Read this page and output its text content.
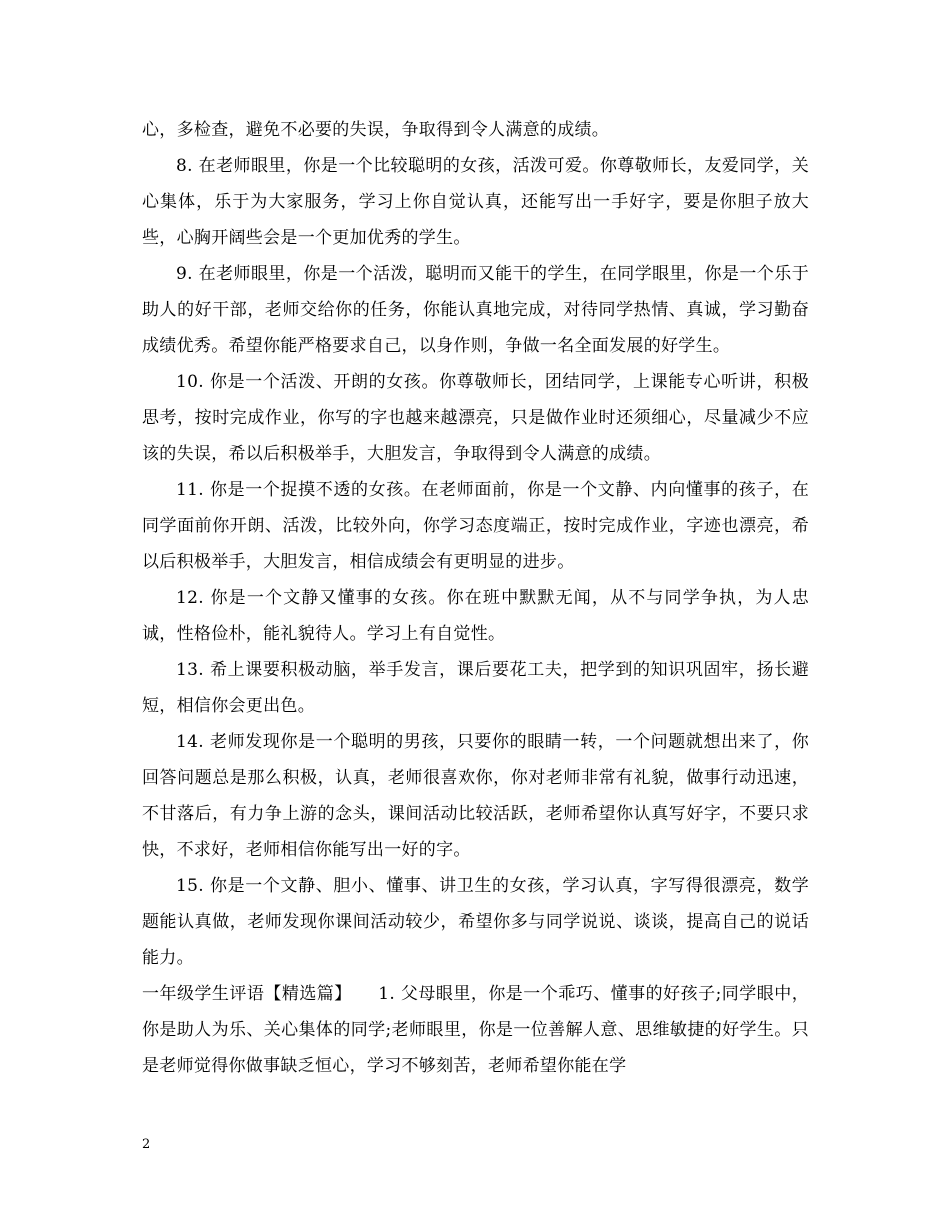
心，多检查，避免不必要的失误，争取得到令人满意的成绩。

8. 在老师眼里，你是一个比较聪明的女孩，活泼可爱。你尊敬师长，友爱同学，关心集体，乐于为大家服务，学习上你自觉认真，还能写出一手好字，要是你胆子放大些，心胸开阔些会是一个更加优秀的学生。

9. 在老师眼里，你是一个活泼，聪明而又能干的学生，在同学眼里，你是一个乐于助人的好干部，老师交给你的任务，你能认真地完成，对待同学热情、真诚，学习勤奋成绩优秀。希望你能严格要求自己，以身作则，争做一名全面发展的好学生。

10. 你是一个活泼、开朗的女孩。你尊敬师长，团结同学，上课能专心听讲，积极思考，按时完成作业，你写的字也越来越漂亮，只是做作业时还须细心，尽量减少不应该的失误，希以后积极举手，大胆发言，争取得到令人满意的成绩。

11. 你是一个捉摸不透的女孩。在老师面前，你是一个文静、内向懂事的孩子，在同学面前你开朗、活泼，比较外向，你学习态度端正，按时完成作业，字迹也漂亮，希以后积极举手，大胆发言，相信成绩会有更明显的进步。

12. 你是一个文静又懂事的女孩。你在班中默默无闻，从不与同学争执，为人忠诚，性格俭朴，能礼貌待人。学习上有自觉性。

13. 希上课要积极动脑，举手发言，课后要花工夫，把学到的知识巩固牢，扬长避短，相信你会更出色。

14. 老师发现你是一个聪明的男孩，只要你的眼睛一转，一个问题就想出来了，你回答问题总是那么积极，认真，老师很喜欢你，你对老师非常有礼貌，做事行动迅速，不甘落后，有力争上游的念头，课间活动比较活跃，老师希望你认真写好字，不要只求快，不求好，老师相信你能写出一好的字。

15. 你是一个文静、胆小、懂事、讲卫生的女孩，学习认真，字写得很漂亮，数学题能认真做，老师发现你课间活动较少，希望你多与同学说说、谈谈，提高自己的说话能力。

一年级学生评语【精选篇】　　1. 父母眼里，你是一个乖巧、懂事的好孩子;同学眼中，你是助人为乐、关心集体的同学;老师眼里，你是一位善解人意、思维敏捷的好学生。只是老师觉得你做事缺乏恒心，学习不够刻苦，老师希望你能在学

2
